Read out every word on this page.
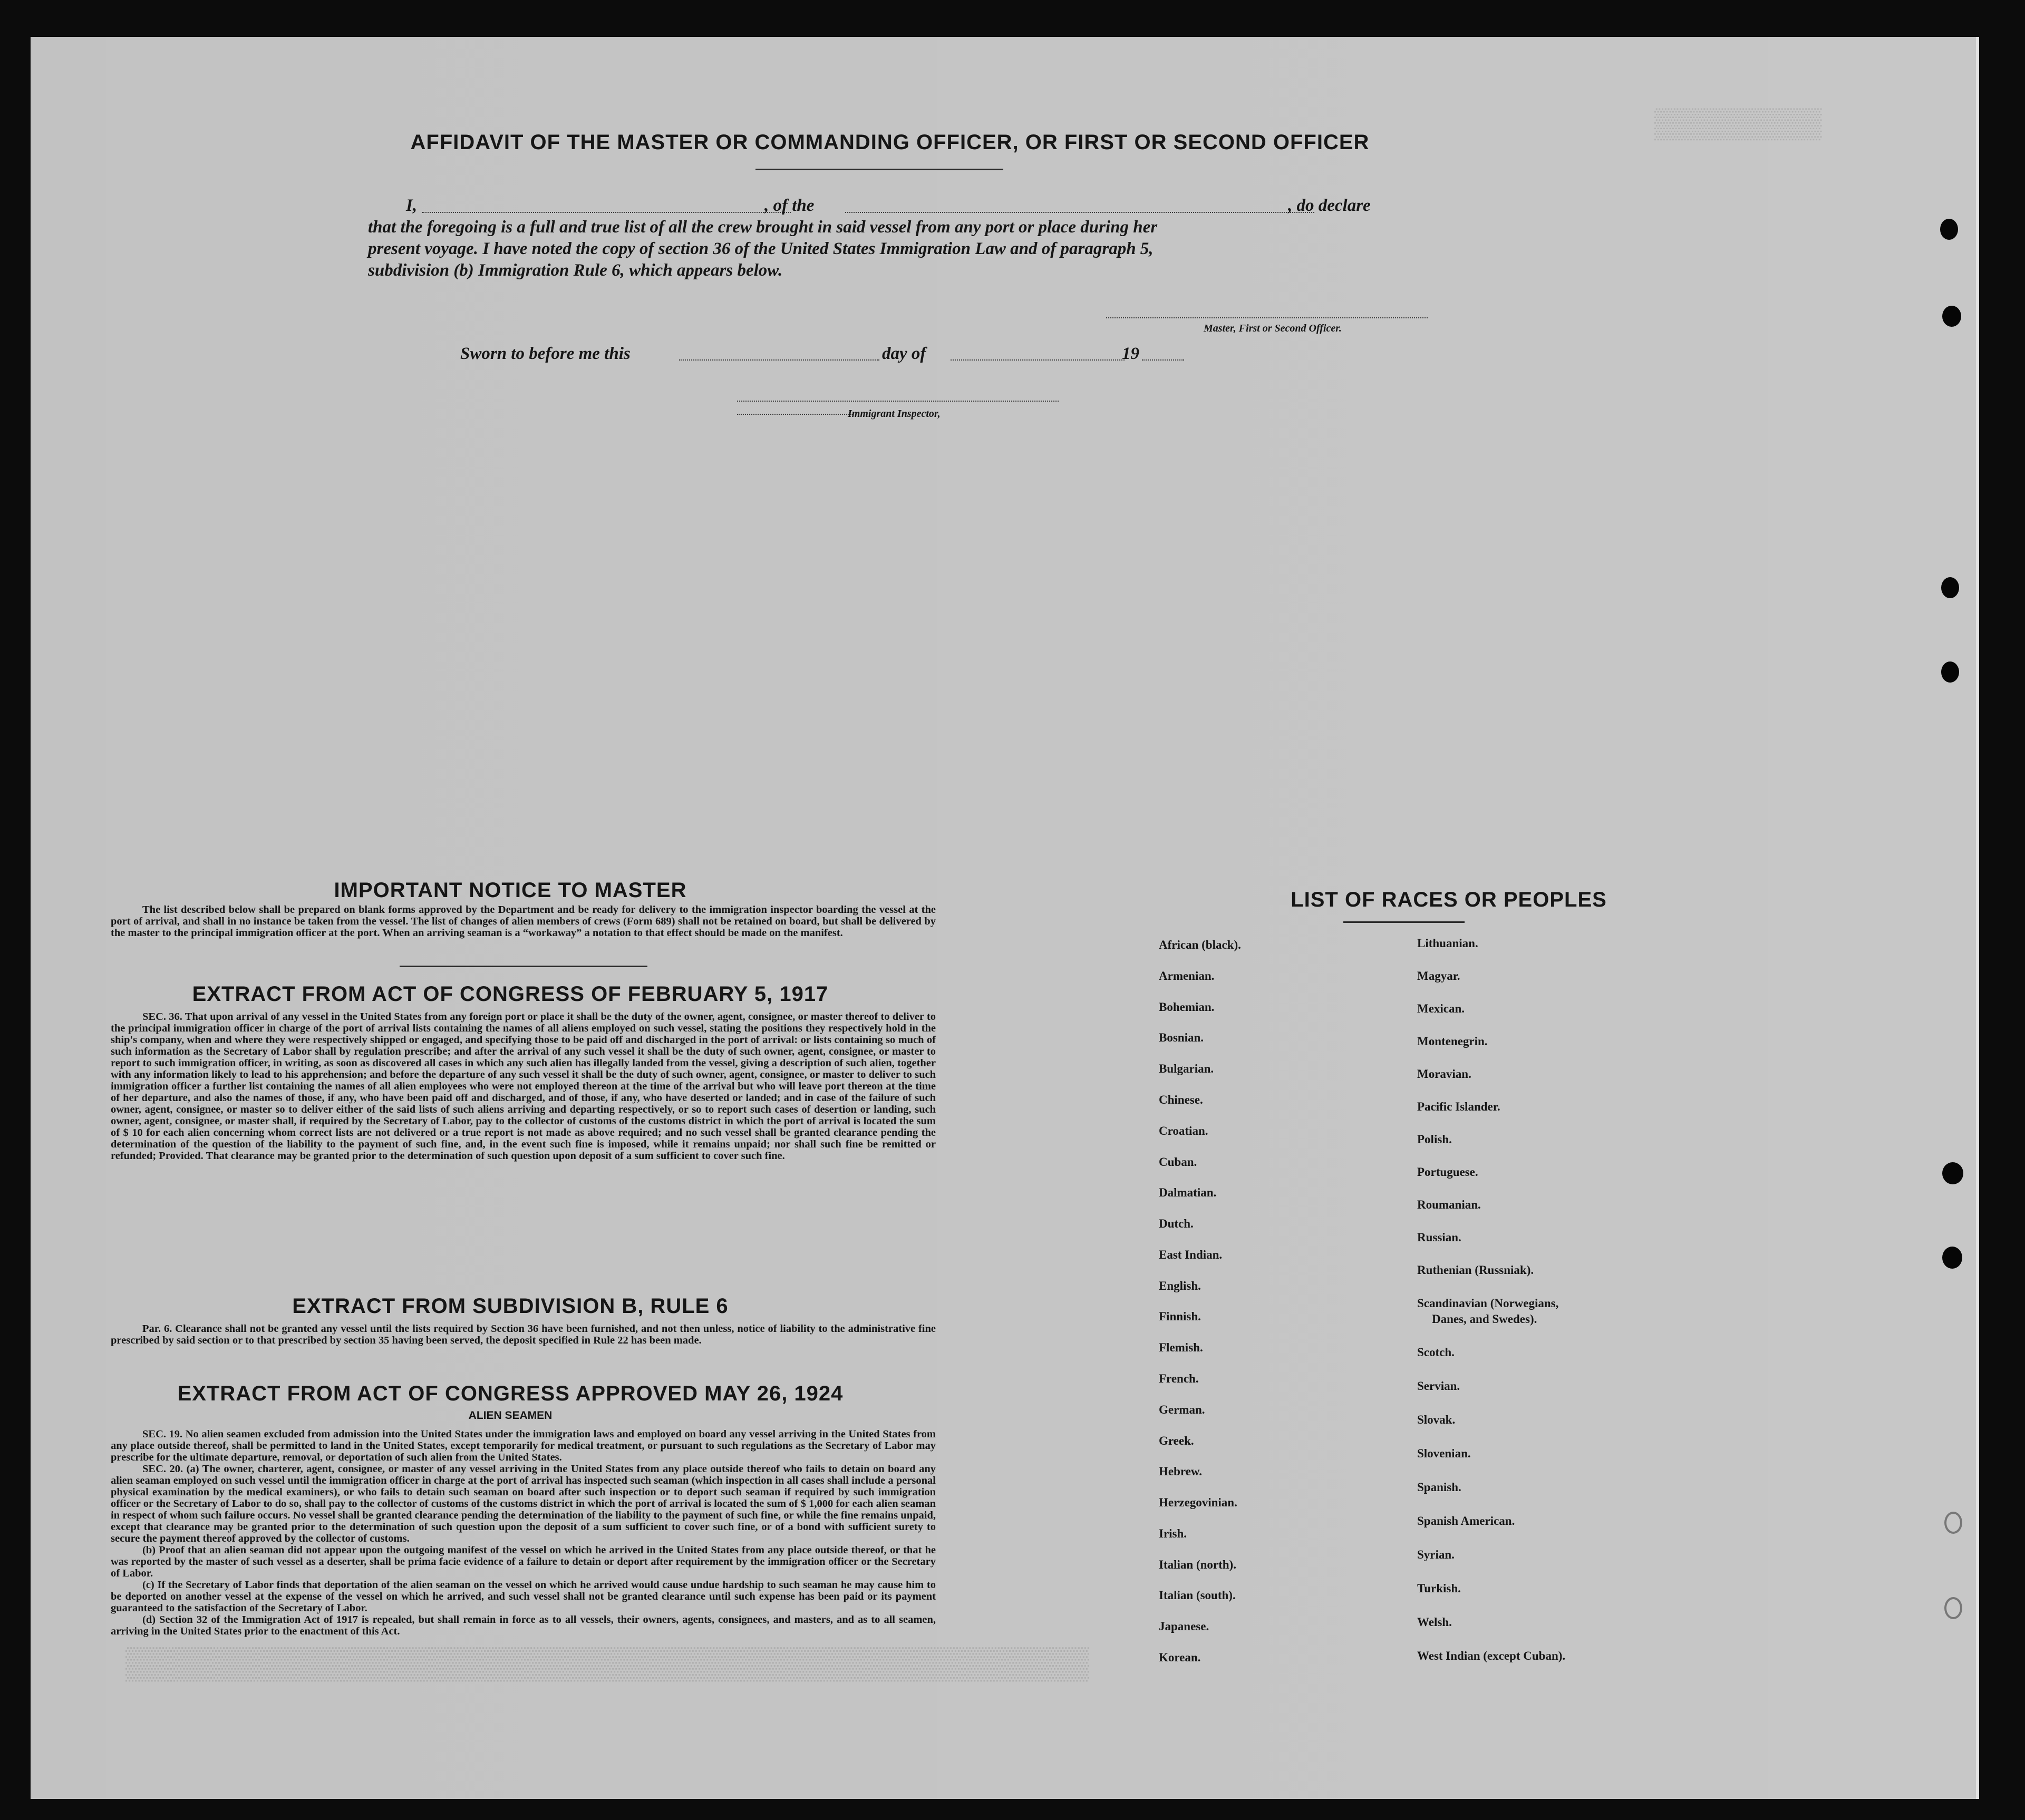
▒▒▒▒▒▒▒▒
▒▒▒▒▒▒▒▒▒▒▒▒▒▒▒▒▒▒▒▒▒▒▒▒▒▒▒▒▒▒▒▒▒▒▒▒▒▒▒▒▒▒▒
AFFIDAVIT OF THE MASTER OR COMMANDING OFFICER, OR FIRST OR SECOND OFFICER
I,	, of the	, do declare
that the foregoing is a full and true list of all the crew brought in said vessel from any port or place during her
present voyage. I have noted the copy of section 36 of the United States Immigration Law and of paragraph 5,
subdivision (b) Immigration Rule 6, which appears below.
Master, First or Second Officer.
Sworn to before me this	day of	19
Immigrant Inspector,
IMPORTANT NOTICE TO MASTER

The list described below shall be prepared on blank forms approved by the Department and be ready for delivery to the immigration inspector boarding the vessel at the port of arrival, and shall in no instance be taken from the vessel. The list of changes of alien members of crews (Form 689) shall not be retained on board, but shall be delivered by the master to the principal immigration officer at the port. When an arriving seaman is a “workaway” a notation to that effect should be made on the manifest.

EXTRACT FROM ACT OF CONGRESS OF FEBRUARY 5, 1917

SEC. 36. That upon arrival of any vessel in the United States from any foreign port or place it shall be the duty of the owner, agent, consignee, or master thereof to deliver to the principal immigration officer in charge of the port of arrival lists containing the names of all aliens employed on such vessel, stating the positions they respectively hold in the ship's company, when and where they were respectively shipped or engaged, and specifying those to be paid off and discharged in the port of arrival: or lists containing so much of such information as the Secretary of Labor shall by regulation prescribe; and after the arrival of any such vessel it shall be the duty of such owner, agent, consignee, or master to report to such immigration officer, in writing, as soon as discovered all cases in which any such alien has illegally landed from the vessel, giving a description of such alien, together with any information likely to lead to his apprehension; and before the departure of any such vessel it shall be the duty of such owner, agent, consignee, or master to deliver to such immigration officer a further list containing the names of all alien employees who were not employed thereon at the time of the arrival but who will leave port thereon at the time of her departure, and also the names of those, if any, who have been paid off and discharged, and of those, if any, who have deserted or landed; and in case of the failure of such owner, agent, consignee, or master so to deliver either of the said lists of such aliens arriving and departing respectively, or so to report such cases of desertion or landing, such owner, agent, consignee, or master shall, if required by the Secretary of Labor, pay to the collector of customs of the customs district in which the port of arrival is located the sum of $ 10 for each alien concerning whom correct lists are not delivered or a true report is not made as above required; and no such vessel shall be granted clearance pending the determination of the question of the liability to the payment of such fine, and, in the event such fine is imposed, while it remains unpaid; nor shall such fine be remitted or refunded; Provided. That clearance may be granted prior to the determination of such question upon deposit of a sum sufficient to cover such fine.

EXTRACT FROM SUBDIVISION B, RULE 6

Par. 6. Clearance shall not be granted any vessel until the lists required by Section 36 have been furnished, and not then unless, notice of liability to the administrative fine prescribed by said section or to that prescribed by section 35 having been served, the deposit specified in Rule 22 has been made.

EXTRACT FROM ACT OF CONGRESS APPROVED MAY 26, 1924
ALIEN SEAMEN

SEC. 19. No alien seamen excluded from admission into the United States under the immigration laws and employed on board any vessel arriving in the United States from any place outside thereof, shall be permitted to land in the United States, except temporarily for medical treatment, or pursuant to such regulations as the Secretary of Labor may prescribe for the ultimate departure, removal, or deportation of such alien from the United States.

SEC. 20. (a) The owner, charterer, agent, consignee, or master of any vessel arriving in the United States from any place outside thereof who fails to detain on board any alien seaman employed on such vessel until the immigration officer in charge at the port of arrival has inspected such seaman (which inspection in all cases shall include a personal physical examination by the medical examiners), or who fails to detain such seaman on board after such inspection or to deport such seaman if required by such immigration officer or the Secretary of Labor to do so, shall pay to the collector of customs of the customs district in which the port of arrival is located the sum of $ 1,000 for each alien seaman in respect of whom such failure occurs. No vessel shall be granted clearance pending the determination of the liability to the payment of such fine, or while the fine remains unpaid, except that clearance may be granted prior to the determination of such question upon the deposit of a sum sufficient to cover such fine, or of a bond with sufficient surety to secure the payment thereof approved by the collector of customs.

(b) Proof that an alien seaman did not appear upon the outgoing manifest of the vessel on which he arrived in the United States from any place outside thereof, or that he was reported by the master of such vessel as a deserter, shall be prima facie evidence of a failure to detain or deport after requirement by the immigration officer or the Secretary of Labor.

(c) If the Secretary of Labor finds that deportation of the alien seaman on the vessel on which he arrived would cause undue hardship to such seaman he may cause him to be deported on another vessel at the expense of the vessel on which he arrived, and such vessel shall not be granted clearance until such expense has been paid or its payment guaranteed to the satisfaction of the Secretary of Labor.

(d) Section 32 of the Immigration Act of 1917 is repealed, but shall remain in force as to all vessels, their owners, agents, consignees, and masters, and as to all seamen, arriving in the United States prior to the enactment of this Act.

LIST OF RACES OR PEOPLES
African (black).
Armenian.
Bohemian.
Bosnian.
Bulgarian.
Chinese.
Croatian.
Cuban.
Dalmatian.
Dutch.
East Indian.
English.
Finnish.
Flemish.
French.
German.
Greek.
Hebrew.
Herzegovinian.
Irish.
Italian (north).
Italian (south).
Japanese.
Korean.
Lithuanian.
Magyar.
Mexican.
Montenegrin.
Moravian.
Pacific Islander.
Polish.
Portuguese.
Roumanian.
Russian.
Ruthenian (Russniak).
Scandinavian (Norwegians,
Danes, and Swedes).
Scotch.
Servian.
Slovak.
Slovenian.
Spanish.
Spanish American.
Syrian.
Turkish.
Welsh.
West Indian (except Cuban).
